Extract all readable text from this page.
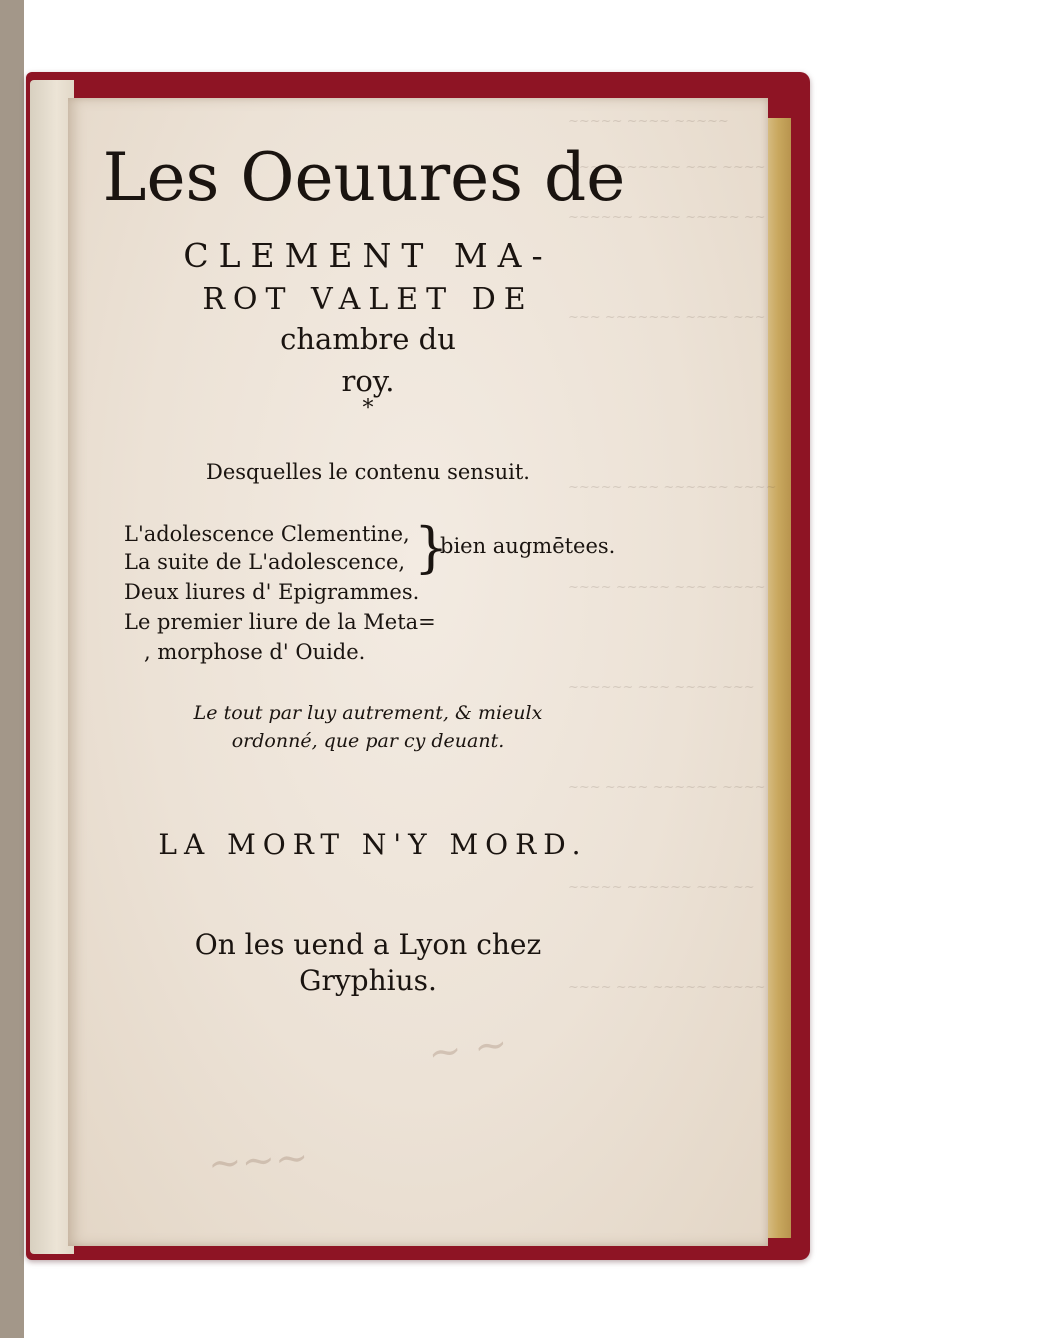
~~~~~ ~~~~ ~~~~~
~~~~ ~~~~~~ ~~~ ~~~~
~~~~~~ ~~~~ ~~~~~ ~~
~~~ ~~~~~~~ ~~~~ ~~~
~~~~~ ~~~ ~~~~~~ ~~~~
~~~~ ~~~~~ ~~~ ~~~~~
~~~~~~ ~~~ ~~~~ ~~~
~~~ ~~~~ ~~~~~~ ~~~~
~~~~~ ~~~~~~ ~~~ ~~
~~~~ ~~~ ~~~~~ ~~~~~
Les Oeuures de
CLEMENT MA-
ROT VALET DE
chambre du
roy.
*
Desquelles le contenu sensuit.
L'adolescence Clementine,
La suite de L'adolescence,
Deux liures d' Epigrammes.
Le premier liure de la Meta=
, morphose d' Ouide.
}
bien augmētees.
Le tout par luy autrement, & mieulx
ordonné, que par cy deuant.
LA MORT N'Y MORD.
On les uend a Lyon chez
Gryphius.
~ ~
~~~
